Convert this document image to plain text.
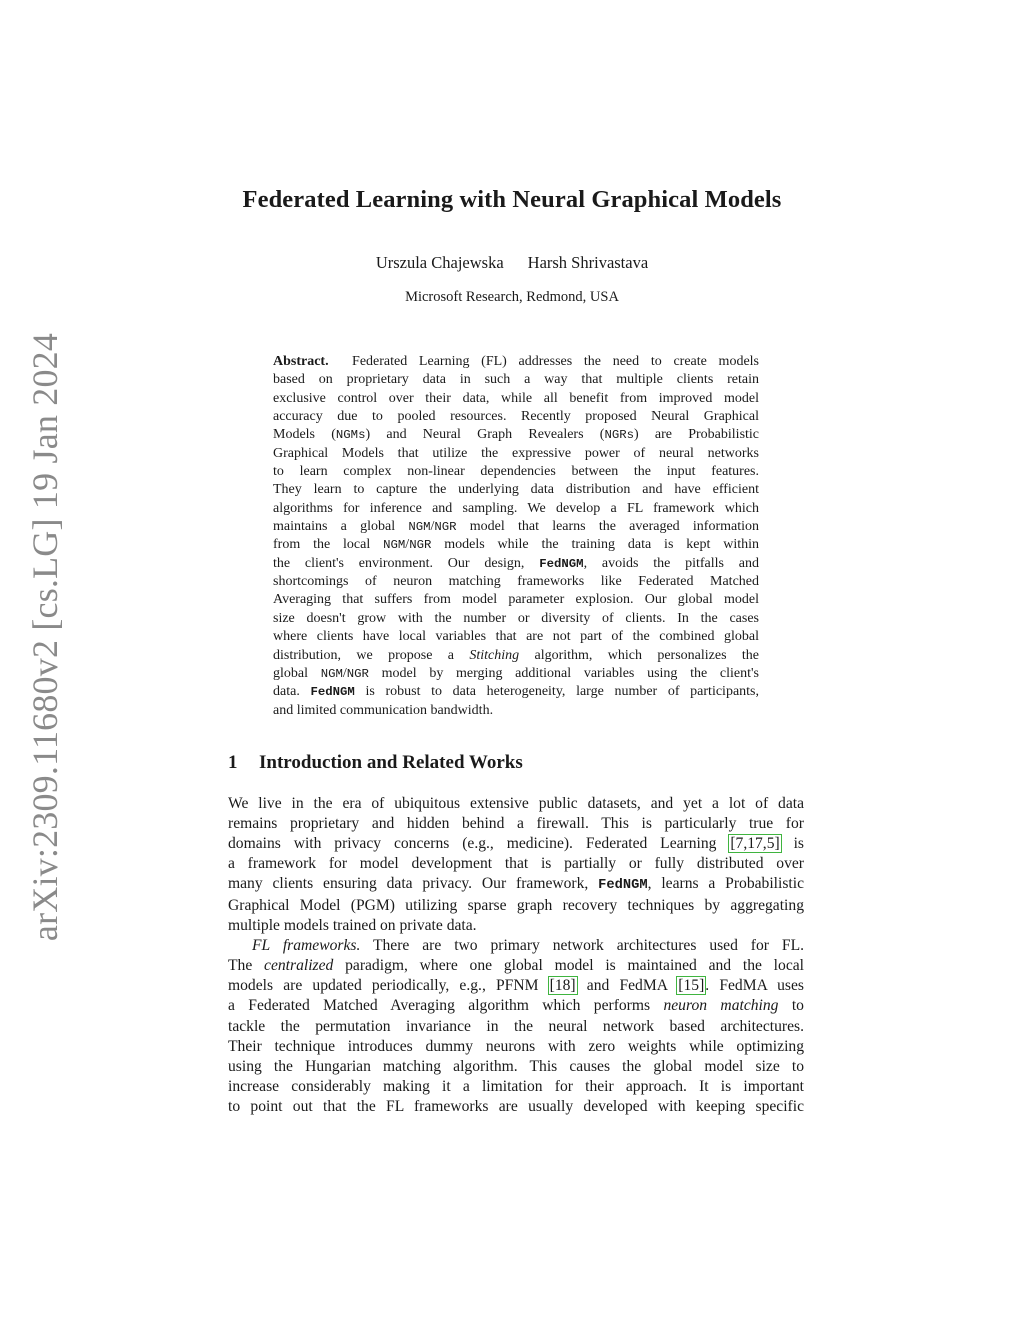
arXiv:2309.11680v2 [cs.LG] 19 Jan 2024
Federated Learning with Neural Graphical Models
Urszula Chajewska Harsh Shrivastava
Microsoft Research, Redmond, USA
Abstract. Federated Learning (FL) addresses the need to create models
based on proprietary data in such a way that multiple clients retain
exclusive control over their data, while all benefit from improved model
accuracy due to pooled resources. Recently proposed Neural Graphical
Models (NGMs) and Neural Graph Revealers (NGRs) are Probabilistic
Graphical Models that utilize the expressive power of neural networks
to learn complex non-linear dependencies between the input features.
They learn to capture the underlying data distribution and have efficient
algorithms for inference and sampling. We develop a FL framework which
maintains a global NGM/NGR model that learns the averaged information
from the local NGM/NGR models while the training data is kept within
the client's environment. Our design, FedNGM, avoids the pitfalls and
shortcomings of neuron matching frameworks like Federated Matched
Averaging that suffers from model parameter explosion. Our global model
size doesn't grow with the number or diversity of clients. In the cases
where clients have local variables that are not part of the combined global
distribution, we propose a Stitching algorithm, which personalizes the
global NGM/NGR model by merging additional variables using the client's
data. FedNGM is robust to data heterogeneity, large number of participants,
and limited communication bandwidth.
1 Introduction and Related Works
We live in the era of ubiquitous extensive public datasets, and yet a lot of data
remains proprietary and hidden behind a firewall. This is particularly true for
domains with privacy concerns (e.g., medicine). Federated Learning [7,17,5] is
a framework for model development that is partially or fully distributed over
many clients ensuring data privacy. Our framework, FedNGM, learns a Probabilistic
Graphical Model (PGM) utilizing sparse graph recovery techniques by aggregating
multiple models trained on private data.
FL frameworks. There are two primary network architectures used for FL.
The centralized paradigm, where one global model is maintained and the local
models are updated periodically, e.g., PFNM [18] and FedMA [15]. FedMA uses
a Federated Matched Averaging algorithm which performs neuron matching to
tackle the permutation invariance in the neural network based architectures.
Their technique introduces dummy neurons with zero weights while optimizing
using the Hungarian matching algorithm. This causes the global model size to
increase considerably making it a limitation for their approach. It is important
to point out that the FL frameworks are usually developed with keeping specific
